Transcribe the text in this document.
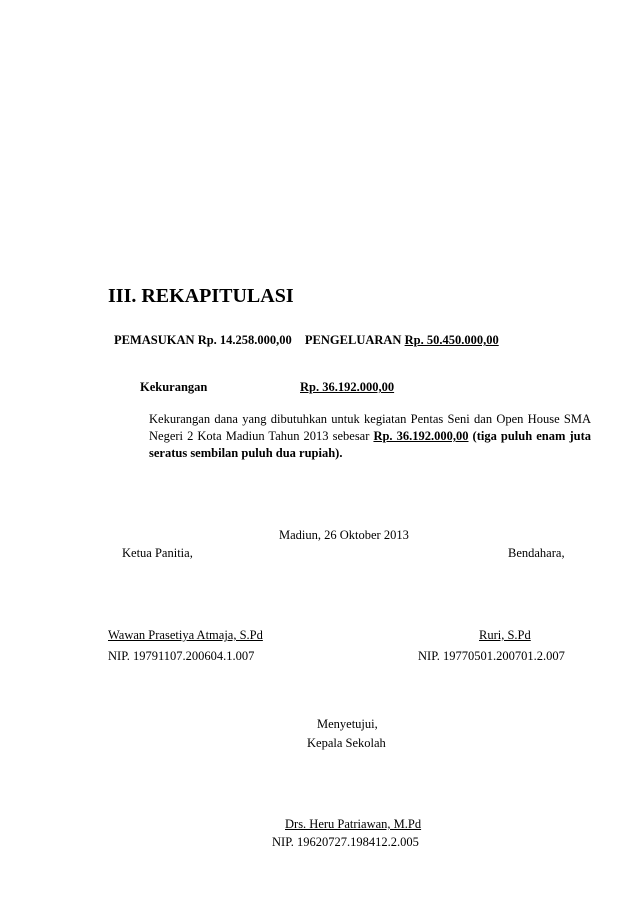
III. REKAPITULASI
PEMASUKAN Rp. 14.258.000,00 PENGELUARAN Rp. 50.450.000,00
Kekurangan	Rp. 36.192.000,00
Kekurangan dana yang dibutuhkan untuk kegiatan Pentas Seni dan Open House SMA Negeri 2 Kota Madiun Tahun 2013 sebesar Rp. 36.192.000,00 (tiga puluh enam juta seratus sembilan puluh dua rupiah).
Madiun, 26 Oktober 2013
Ketua Panitia,	Bendahara,
Wawan Prasetiya Atmaja, S.Pd
NIP. 19791107.200604.1.007
Ruri, S.Pd
NIP. 19770501.200701.2.007
Menyetujui,
Kepala Sekolah
Drs. Heru Patriawan, M.Pd
NIP. 19620727.198412.2.005
